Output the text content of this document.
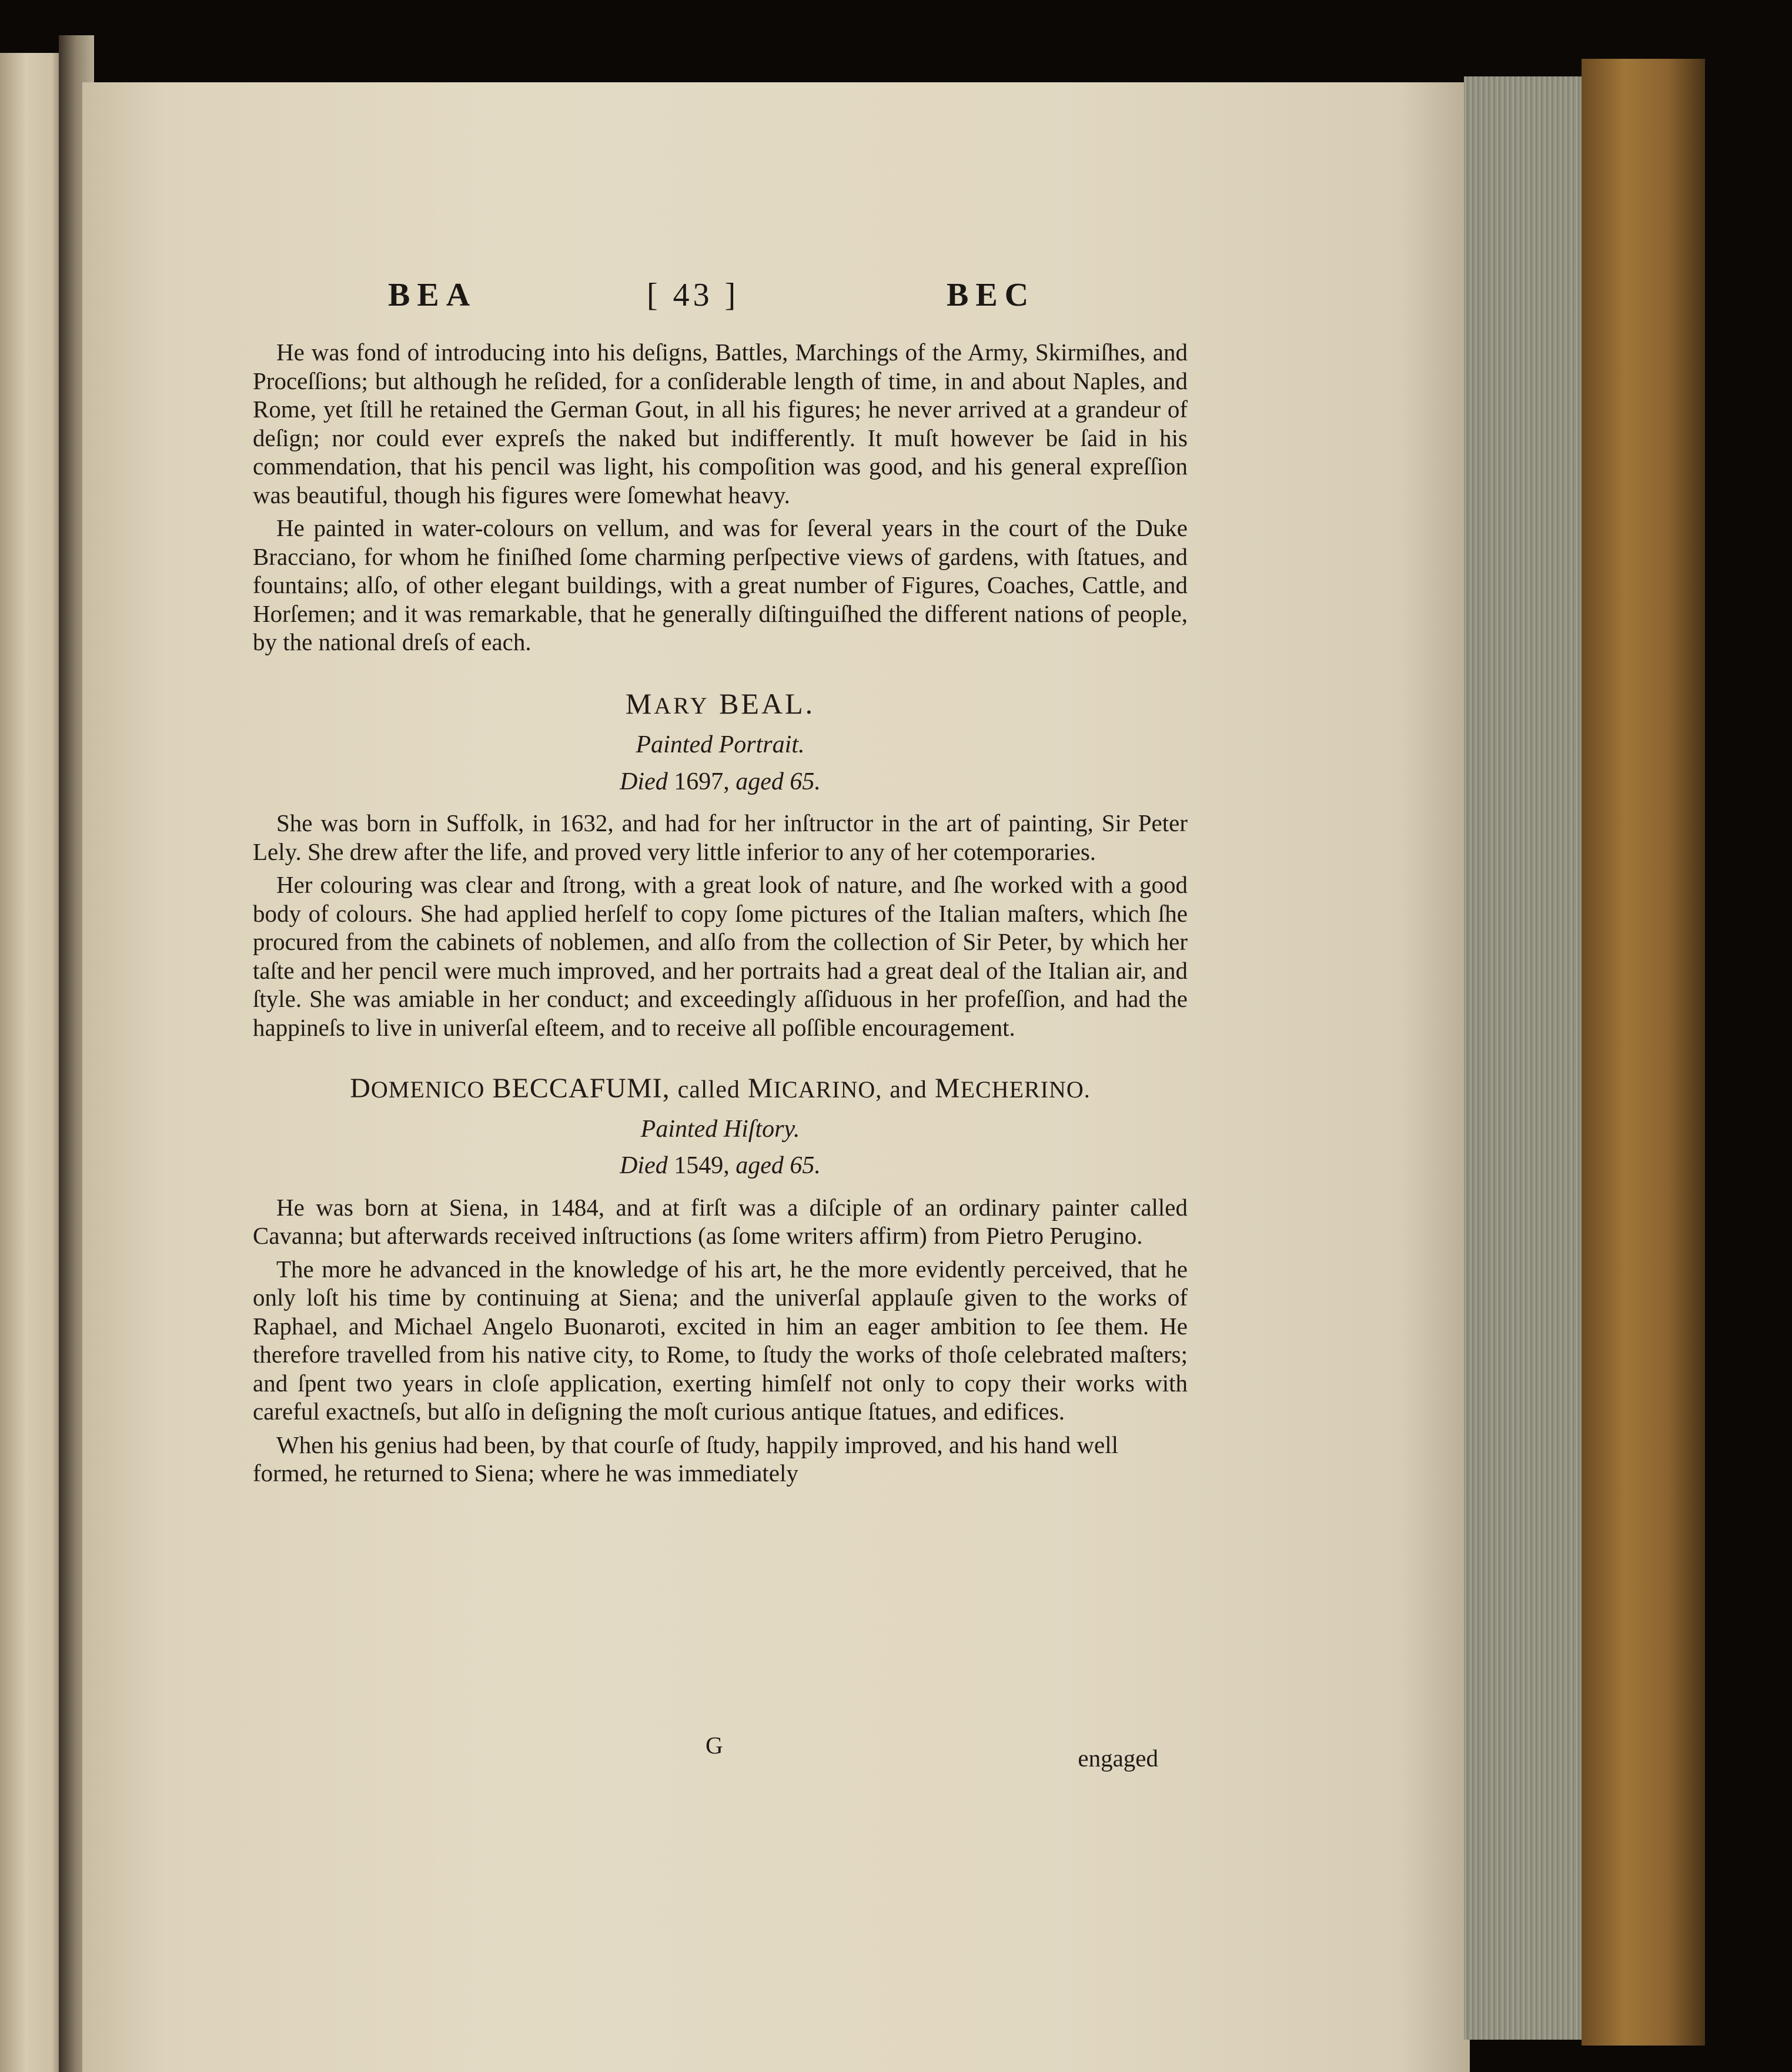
BEA	[ 43 ]	BEC

He was fond of introducing into his deſigns, Battles, Marchings of the Army, Skirmiſhes, and Proceſſions; but although he reſided, for a conſiderable length of time, in and about Naples, and Rome, yet ſtill he retained the German Gout, in all his figures; he never arrived at a grandeur of deſign; nor could ever expreſs the naked but indifferently. It muſt however be ſaid in his commendation, that his pencil was light, his compoſition was good, and his general expreſſion was beautiful, though his figures were ſomewhat heavy.

He painted in water-colours on vellum, and was for ſeveral years in the court of the Duke Bracciano, for whom he finiſhed ſome charming perſpective views of gardens, with ſtatues, and fountains; alſo, of other elegant buildings, with a great number of Figures, Coaches, Cattle, and Horſemen; and it was remarkable, that he generally diſtinguiſhed the different nations of people, by the national dreſs of each.

MARY BEAL.
Painted Portrait.
Died 1697, aged 65.

She was born in Suffolk, in 1632, and had for her inſtructor in the art of painting, Sir Peter Lely. She drew after the life, and proved very little inferior to any of her cotemporaries.

Her colouring was clear and ſtrong, with a great look of nature, and ſhe worked with a good body of colours. She had applied herſelf to copy ſome pictures of the Italian maſters, which ſhe procured from the cabinets of noblemen, and alſo from the collection of Sir Peter, by which her taſte and her pencil were much improved, and her portraits had a great deal of the Italian air, and ſtyle. She was amiable in her conduct; and exceedingly aſſiduous in her profeſſion, and had the happineſs to live in univerſal eſteem, and to receive all poſſible encouragement.

DOMENICO BECCAFUMI, called MICARINO, and MECHERINO.
Painted Hiſtory.
Died 1549, aged 65.

He was born at Siena, in 1484, and at firſt was a diſciple of an ordinary painter called Cavanna; but afterwards received inſtructions (as ſome writers affirm) from Pietro Perugino.

The more he advanced in the knowledge of his art, he the more evidently perceived, that he only loſt his time by continuing at Siena; and the univerſal applauſe given to the works of Raphael, and Michael Angelo Buonaroti, excited in him an eager ambition to ſee them. He therefore travelled from his native city, to Rome, to ſtudy the works of thoſe celebrated maſters; and ſpent two years in cloſe application, exerting himſelf not only to copy their works with careful exactneſs, but alſo in deſigning the moſt curious antique ſtatues, and edifices.

When his genius had been, by that courſe of ſtudy, happily improved, and his hand well formed, he returned to Siena; where he was immediately

G	engaged
